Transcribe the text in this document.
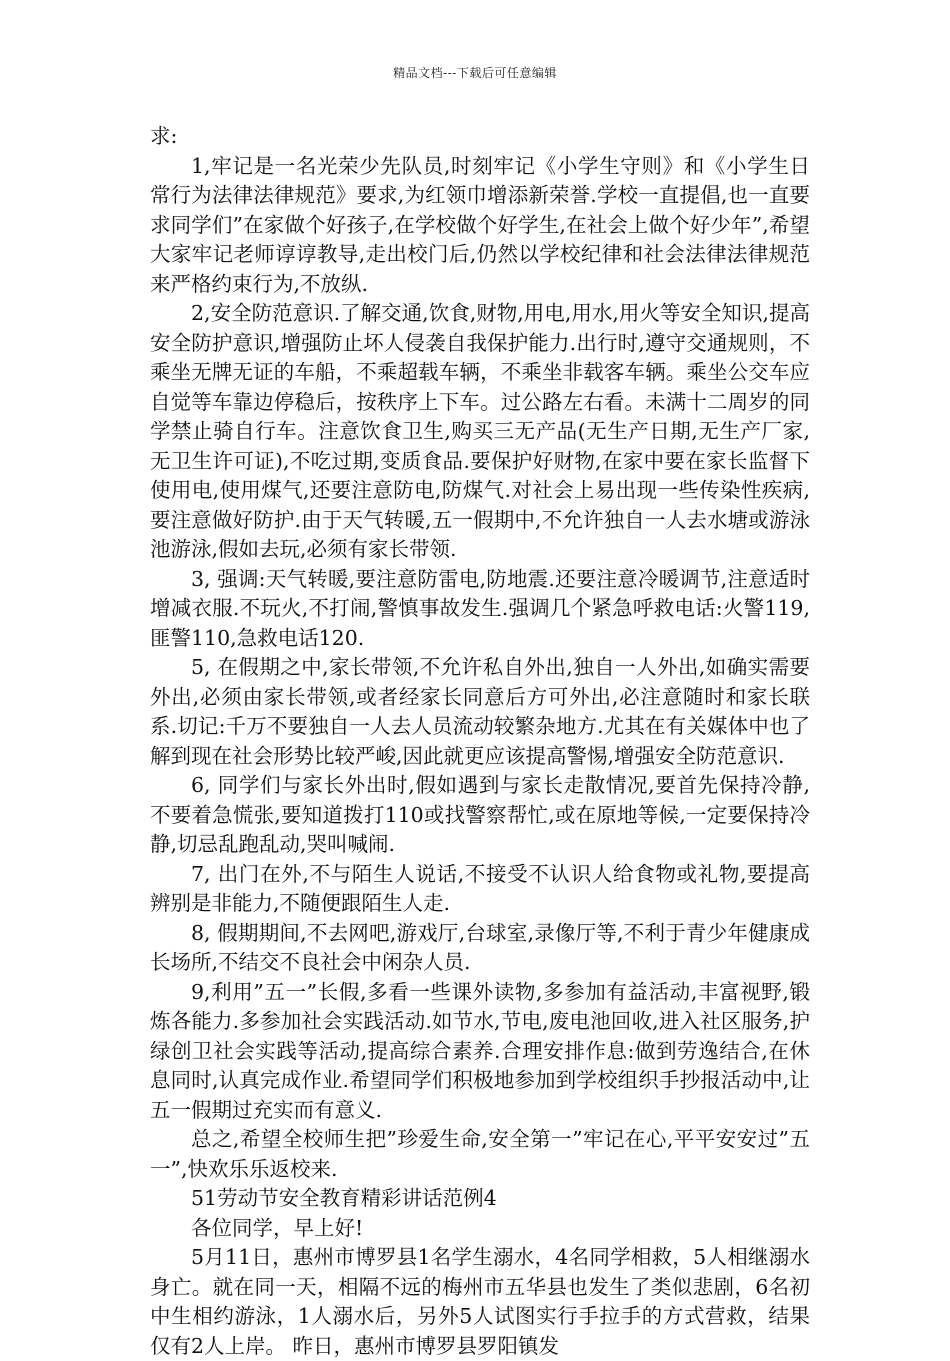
精品文档---下载后可任意编辑

求:

1,牢记是一名光荣少先队员,时刻牢记《小学生守则》和《小学生日常行为法律法律规范》要求,为红领巾增添新荣誉.学校一直提倡,也一直要求同学们”在家做个好孩子,在学校做个好学生,在社会上做个好少年”,希望大家牢记老师谆谆教导,走出校门后,仍然以学校纪律和社会法律法律规范来严格约束行为,不放纵.

2,安全防范意识.了解交通,饮食,财物,用电,用水,用火等安全知识,提高安全防护意识,增强防止坏人侵袭自我保护能力.出行时,遵守交通规则，不乘坐无牌无证的车船，不乘超载车辆，不乘坐非载客车辆。乘坐公交车应自觉等车靠边停稳后，按秩序上下车。过公路左右看。未满十二周岁的同学禁止骑自行车。注意饮食卫生,购买三无产品(无生产日期,无生产厂家,无卫生许可证),不吃过期,变质食品.要保护好财物,在家中要在家长监督下使用电,使用煤气,还要注意防电,防煤气.对社会上易出现一些传染性疾病,要注意做好防护.由于天气转暖,五一假期中,不允许独自一人去水塘或游泳池游泳,假如去玩,必须有家长带领.

3, 强调:天气转暖,要注意防雷电,防地震.还要注意冷暖调节,注意适时增减衣服.不玩火,不打闹,警慎事故发生.强调几个紧急呼救电话:火警119,匪警110,急救电话120.

5, 在假期之中,家长带领,不允许私自外出,独自一人外出,如确实需要外出,必须由家长带领,或者经家长同意后方可外出,必注意随时和家长联系.切记:千万不要独自一人去人员流动较繁杂地方.尤其在有关媒体中也了解到现在社会形势比较严峻,因此就更应该提高警惕,增强安全防范意识.

6, 同学们与家长外出时,假如遇到与家长走散情况,要首先保持冷静,不要着急慌张,要知道拨打110或找警察帮忙,或在原地等候,一定要保持冷静,切忌乱跑乱动,哭叫喊闹.

7, 出门在外,不与陌生人说话,不接受不认识人给食物或礼物,要提高辨别是非能力,不随便跟陌生人走.

8, 假期期间,不去网吧,游戏厅,台球室,录像厅等,不利于青少年健康成长场所,不结交不良社会中闲杂人员.

9,利用”五一”长假,多看一些课外读物,多参加有益活动,丰富视野,锻炼各能力.多参加社会实践活动.如节水,节电,废电池回收,进入社区服务,护绿创卫社会实践等活动,提高综合素养.合理安排作息:做到劳逸结合,在休息同时,认真完成作业.希望同学们积极地参加到学校组织手抄报活动中,让五一假期过充实而有意义.

总之,希望全校师生把”珍爱生命,安全第一”牢记在心,平平安安过”五一”,快欢乐乐返校来.

51劳动节安全教育精彩讲话范例4

各位同学，早上好!

5月11日，惠州市博罗县1名学生溺水，4名同学相救，5人相继溺水身亡。就在同一天，相隔不远的梅州市五华县也发生了类似悲剧，6名初中生相约游泳，1人溺水后，另外5人试图实行手拉手的方式营救，结果仅有2人上岸。 昨日，惠州市博罗县罗阳镇发
